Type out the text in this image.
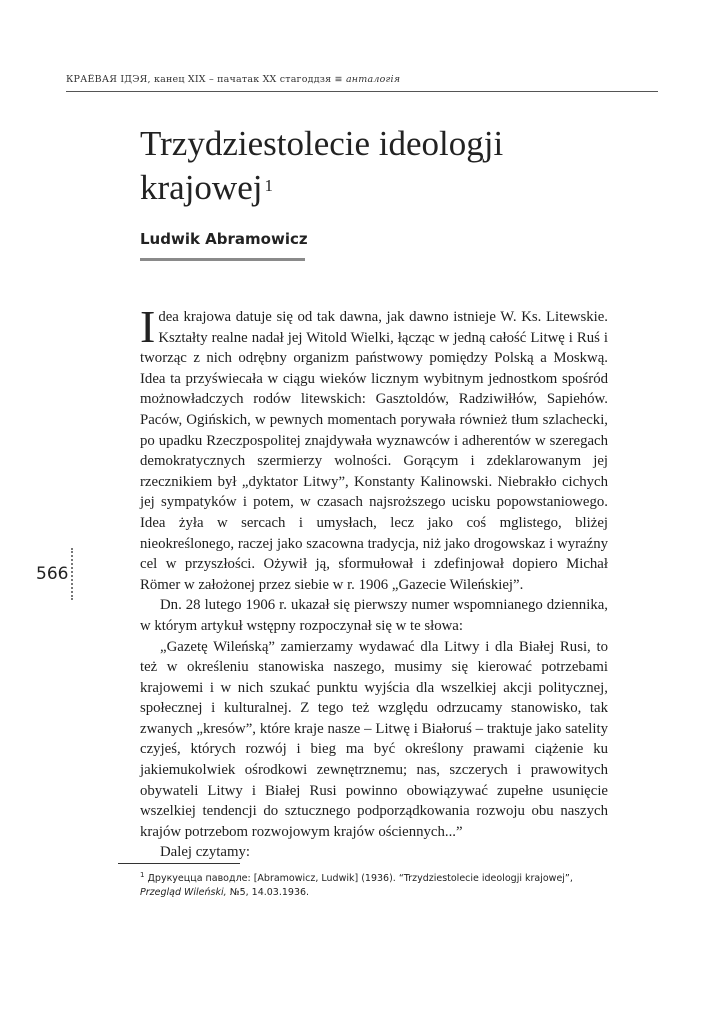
КРАЁВАЯ ІДЭЯ, канец XIX – пачатак XX стагоддзя ≡ анталогія
Trzydziestolecie ideologji krajowej $^1$

Ludwik Abramowicz

Idea krajowa datuje się od tak dawna, jak dawno istnieje W. Ks. Litewskie. Kształty realne nadał jej Witold Wielki, łącząc w jedną całość Litwę i Ruś i tworząc z nich odrębny organizm państwowy pomiędzy Polską a Moskwą. Idea ta przyświecała w ciągu wieków licznym wybitnym jednostkom spośród możnowładczych rodów litewskich: Gasztoldów, Radziwiłłów, Sapiehów. Paców, Ogińskich, w pewnych momentach porywała również tłum szlachecki, po upadku Rzeczpospolitej znajdywała wyznawców i adherentów w szeregach demokratycznych szermierzy wolności. Gorącym i zdeklarowanym jej rzecznikiem był „dyktator Litwy”, Konstanty Kalinowski. Niebrakło cichych jej sympatyków i potem, w czasach najsroższego ucisku popowstaniowego. Idea żyła w sercach i umysłach, lecz jako coś mglistego, bliżej nieokreślonego, raczej jako szacowna tradycja, niż jako drogowskaz i wyraźny cel w przyszłości. Ożywił ją, sformułował i zdefinjował dopiero Michał Römer w założonej przez siebie w r. 1906 „Gazecie Wileńskiej”.

Dn. 28 lutego 1906 r. ukazał się pierwszy numer wspomnianego dziennika, w którym artykuł wstępny rozpoczynał się w te słowa:

„Gazetę Wileńską” zamierzamy wydawać dla Litwy i dla Białej Rusi, to też w określeniu stanowiska naszego, musimy się kierować potrzebami krajowemi i w nich szukać punktu wyjścia dla wszelkiej akcji politycznej, społecznej i kulturalnej. Z tego też względu odrzucamy stanowisko, tak zwanych „kresów”, które kraje nasze – Litwę i Białoruś – traktuje jako satelity czyjeś, których rozwój i bieg ma być określony prawami ciążenie ku jakiemukolwiek ośrodkowi zewnętrznemu; nas, szczerych i prawowitych obywateli Litwy i Białej Rusi powinno obowiązywać zupełne usunięcie wszelkiej tendencji do sztucznego podporządkowania rozwoju obu naszych krajów potrzebom rozwojowym krajów ościennych...”

Dalej czytamy:

566

$^1$ Друкуецца паводле: [Abramowicz, Ludwik] (1936). “Trzydziestolecie ideologji krajowej”, Przegląd Wileński, №5, 14.03.1936.
